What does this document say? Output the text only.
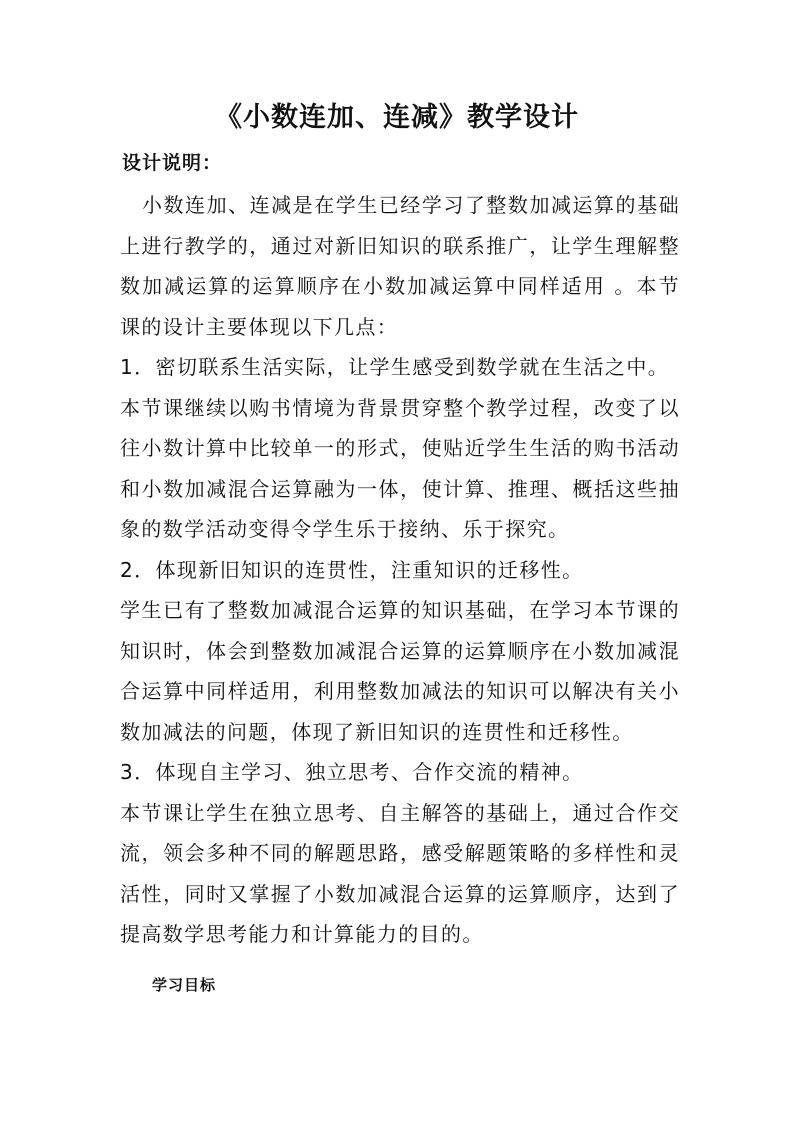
《小数连加、连减》教学设计
设计说明：

小数连加、连减是在学生已经学习了整数加减运算的基础上进行教学的，通过对新旧知识的联系推广，让学生理解整数加减运算的运算顺序在小数加减运算中同样适用 。本节课的设计主要体现以下几点：

1．密切联系生活实际，让学生感受到数学就在生活之中。

本节课继续以购书情境为背景贯穿整个教学过程，改变了以往小数计算中比较单一的形式，使贴近学生生活的购书活动和小数加减混合运算融为一体，使计算、推理、概括这些抽象的数学活动变得令学生乐于接纳、乐于探究。

2．体现新旧知识的连贯性，注重知识的迁移性。

学生已有了整数加减混合运算的知识基础，在学习本节课的知识时，体会到整数加减混合运算的运算顺序在小数加减混合运算中同样适用，利用整数加减法的知识可以解决有关小数加减法的问题，体现了新旧知识的连贯性和迁移性。

3．体现自主学习、独立思考、合作交流的精神。

本节课让学生在独立思考、自主解答的基础上，通过合作交流，领会多种不同的解题思路，感受解题策略的多样性和灵活性，同时又掌握了小数加减混合运算的运算顺序，达到了提高数学思考能力和计算能力的目的。

学习目标
